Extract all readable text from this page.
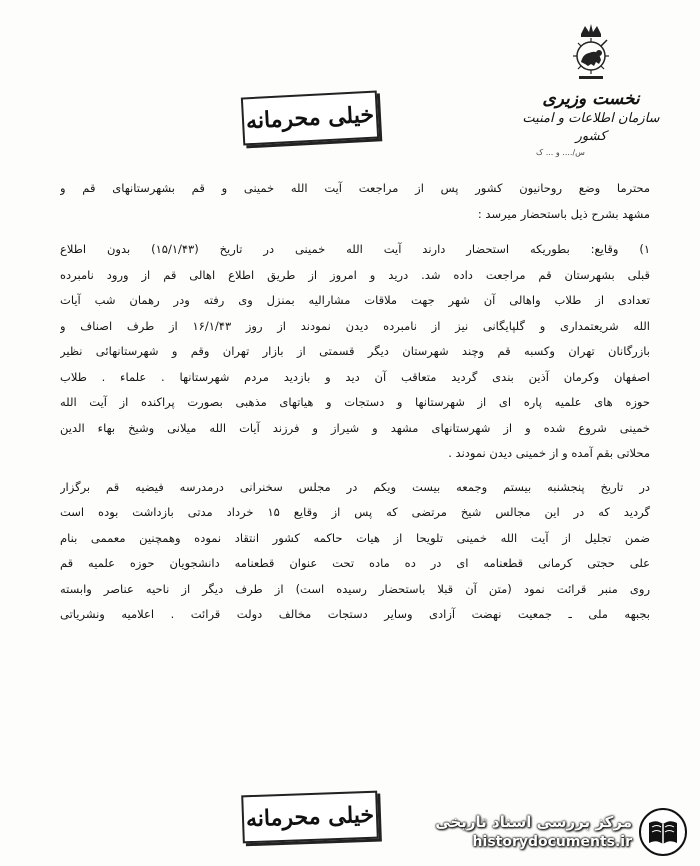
نخست وزیری
سازمان اطلاعات و امنیت کشور
س/.... و ... ک
خیلی محرمانه
محترما وضع روحانیون کشور پس از مراجعت آیت الله خمینی و قم بشهرستانهای قم و
مشهد بشرح ذیل باستحضار میرسد :
۱) وقایع: بطوریکه استحضار دارند آیت الله خمینی در تاریخ (۱۵/۱/۴۳) بدون اطلاع
قبلی بشهرستان قم مراجعت داده شد. درید و امروز از طریق اطلاع اهالی قم از ورود نامبرده
تعدادی از طلاب واهالی آن شهر جهت ملاقات مشارالیه بمنزل وی رفته ودر رهمان شب آیات
الله شریعتمداری و گلپایگانی نیز از نامبرده دیدن نمودند از روز ۱۶/۱/۴۳ از طرف اصناف و
بازرگانان تهران وکسبه قم وچند شهرستان دیگر قسمتی از بازار تهران وقم و شهرستانهائی نظیر
اصفهان وکرمان آذین بندی گردید متعاقب آن دید و بازدید مردم شهرستانها . علماء . طلاب
حوزه های علمیه پاره ای از شهرستانها و دستجات و هیاتهای مذهبی بصورت پراکنده از آیت الله
خمینی شروع شده و از شهرستانهای مشهد و شیراز و فرزند آیات الله میلانی وشیخ بهاء الدین
محلاتی بقم آمده و از خمینی دیدن نمودند .
در تاریخ پنجشنبه بیستم وجمعه بیست ویکم در مجلس سخنرانی درمدرسه فیضیه قم برگزار
گردید که در این مجالس شیخ مرتضی که پس از وقایع ۱۵ خرداد مدتی بازداشت بوده است
ضمن تجلیل از آیت الله خمینی تلویحا از هیات حاکمه کشور انتقاد نموده وهمچنین معممی بنام
علی حجتی کرمانی قطعنامه ای در ده ماده تحت عنوان قطعنامه دانشجویان حوزه علمیه قم
روی منبر قرائت نمود (متن آن قبلا باستحضار رسیده است) از طرف دیگر از ناحیه عناصر وابسته
بجبهه ملی ـ جمعیت نهضت آزادی وسایر دستجات مخالف دولت قرائت . اعلامیه ونشریاتی
خیلی محرمانه	مرکز بررسی اسناد تاریخی
historydocuments.ir
